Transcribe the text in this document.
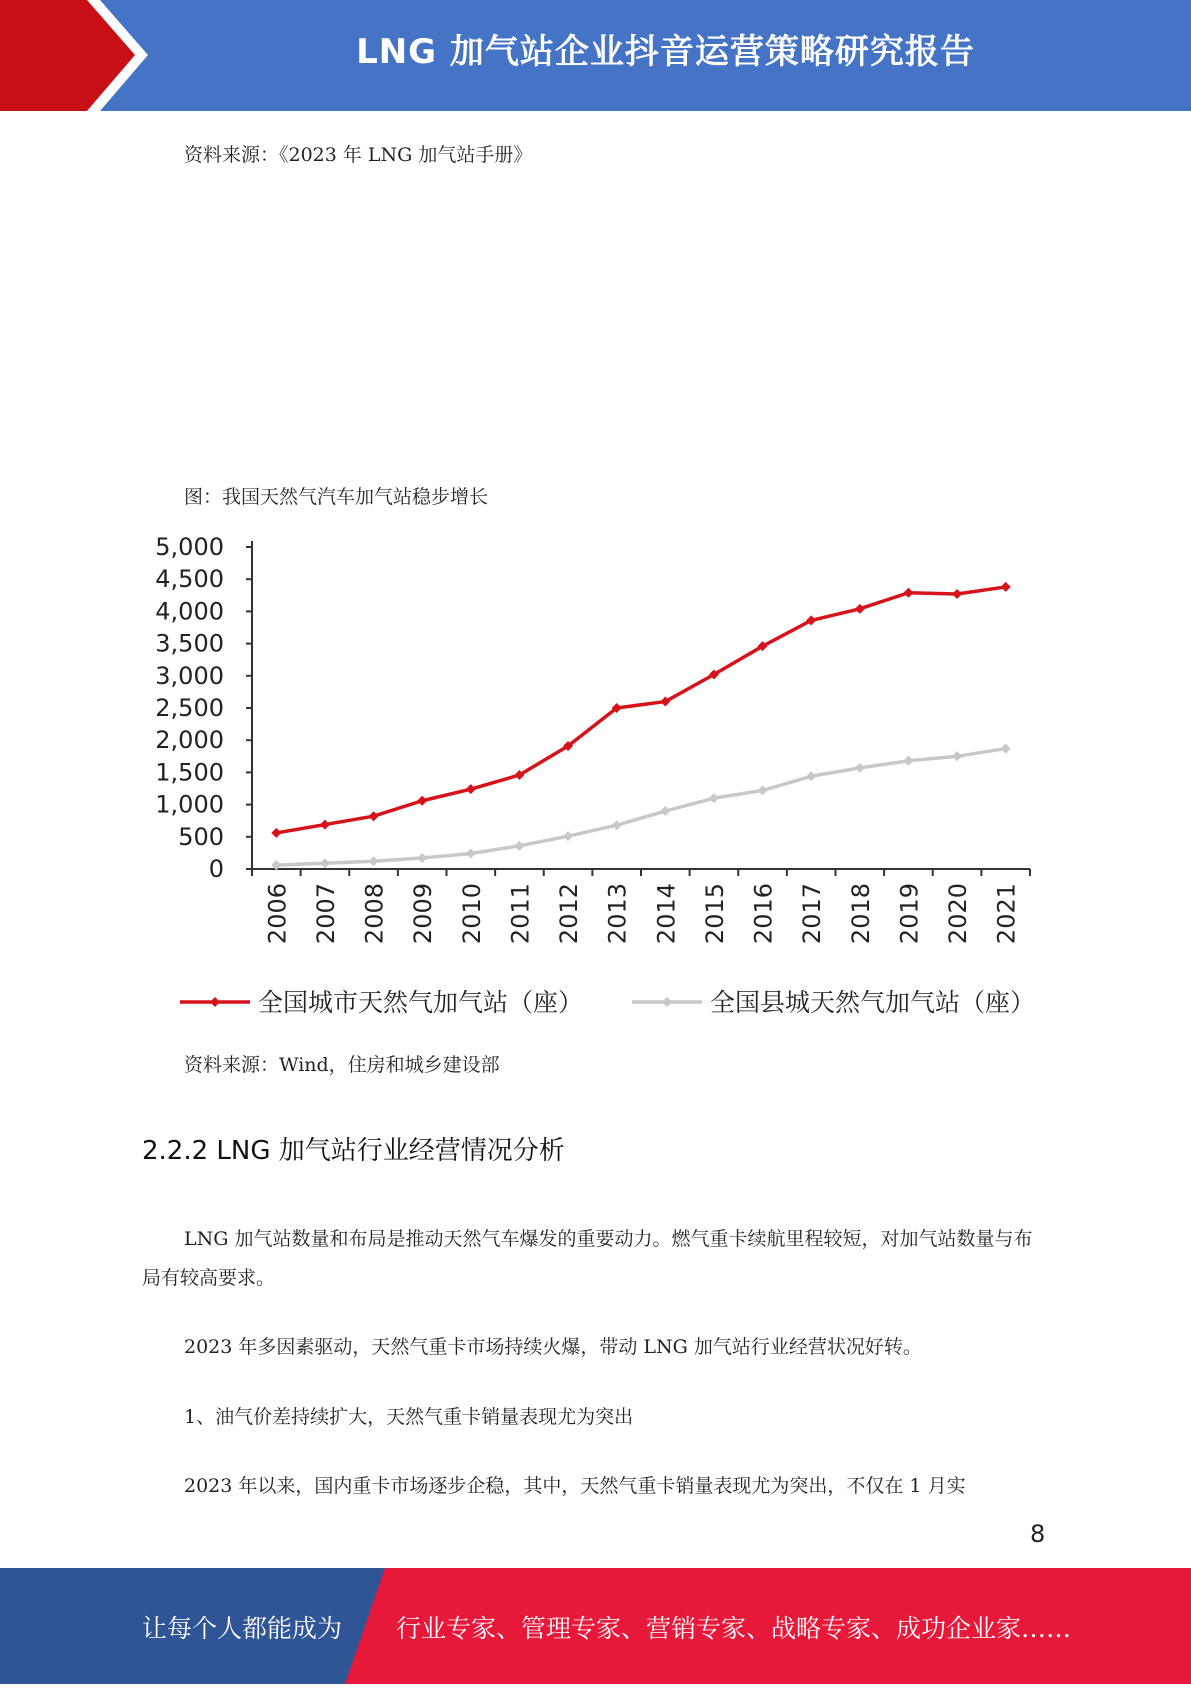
LNG 加气站企业抖音运营策略研究报告
资料来源：《2023 年 LNG 加气站手册》
图：我国天然气汽车加气站稳步增长
0
500
1,000
1,500
2,000
2,500
3,000
3,500
4,000
4,500
5,000
2006 2007 2008 2009 2010 2011 2012 2013 2014 2015 2016 2017 2018 2019 2020 2021
全国城市天然气加气站（座）	全国县城天然气加气站（座）
资料来源：Wind，住房和城乡建设部
2.2.2 LNG 加气站行业经营情况分析

LNG 加气站数量和布局是推动天然气车爆发的重要动力。燃气重卡续航里程较短，对加气站数量与布局有较高要求。

2023 年多因素驱动，天然气重卡市场持续火爆，带动 LNG 加气站行业经营状况好转。

1、油气价差持续扩大，天然气重卡销量表现尤为突出

2023 年以来，国内重卡市场逐步企稳，其中，天然气重卡销量表现尤为突出，不仅在 1 月实

8
让每个人都能成为 行业专家、管理专家、营销专家、战略专家、成功企业家……
